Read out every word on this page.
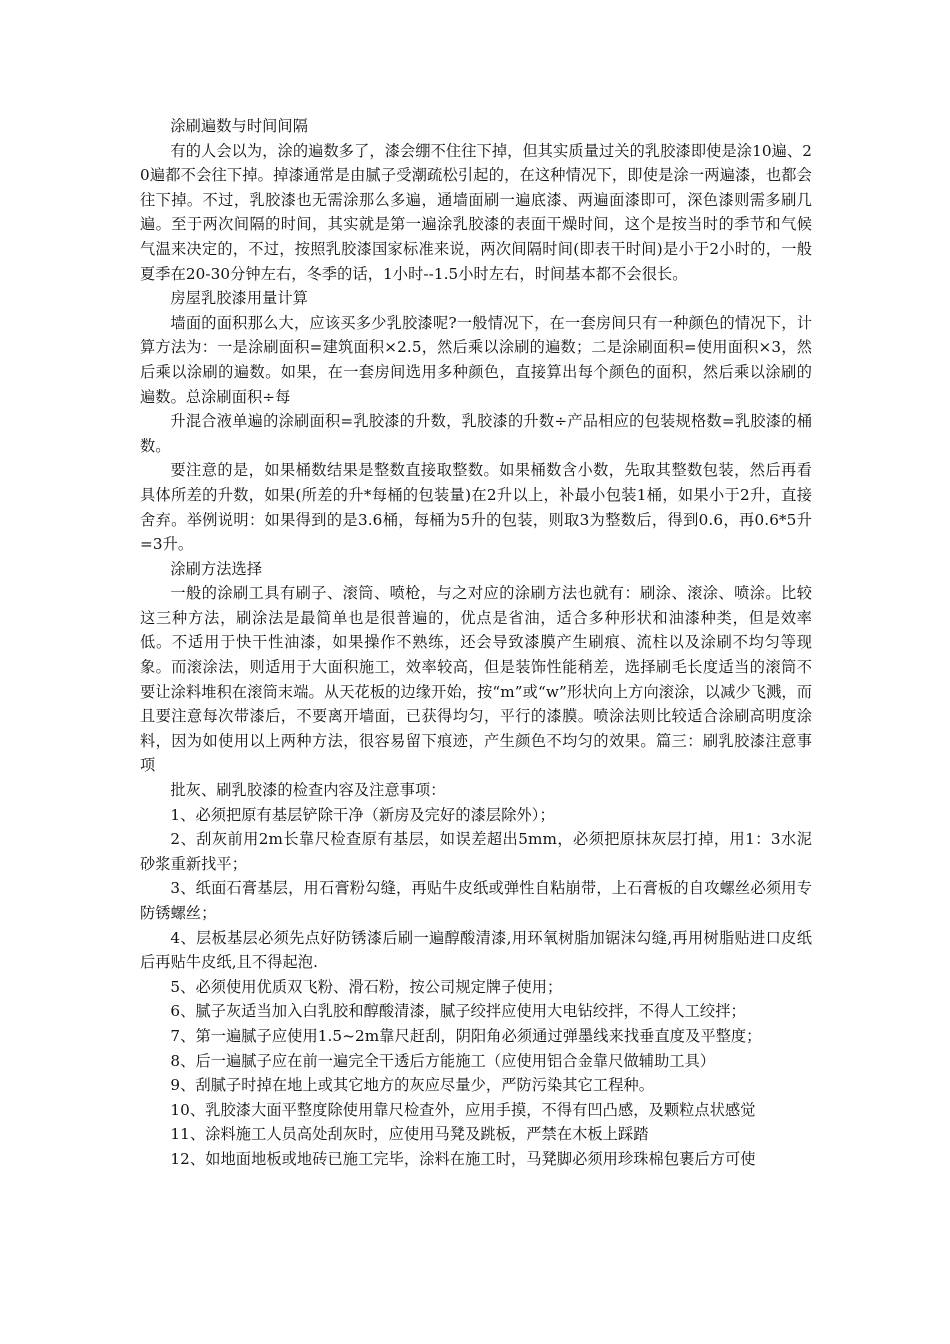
涂刷遍数与时间间隔

有的人会以为，涂的遍数多了，漆会绷不住往下掉，但其实质量过关的乳胶漆即使是涂10遍、20遍都不会往下掉。掉漆通常是由腻子受潮疏松引起的，在这种情况下，即使是涂一两遍漆，也都会往下掉。不过，乳胶漆也无需涂那么多遍，通墙面刷一遍底漆、两遍面漆即可，深色漆则需多刷几遍。至于两次间隔的时间，其实就是第一遍涂乳胶漆的表面干燥时间，这个是按当时的季节和气候气温来决定的，不过，按照乳胶漆国家标准来说，两次间隔时间(即表干时间)是小于2小时的，一般夏季在20-30分钟左右，冬季的话，1小时--1.5小时左右，时间基本都不会很长。

房屋乳胶漆用量计算

墙面的面积那么大，应该买多少乳胶漆呢?一般情况下，在一套房间只有一种颜色的情况下，计算方法为：一是涂刷面积=建筑面积×2.5，然后乘以涂刷的遍数；二是涂刷面积=使用面积×3，然后乘以涂刷的遍数。如果，在一套房间选用多种颜色，直接算出每个颜色的面积，然后乘以涂刷的遍数。总涂刷面积÷每

升混合液单遍的涂刷面积=乳胶漆的升数，乳胶漆的升数÷产品相应的包装规格数=乳胶漆的桶数。

要注意的是，如果桶数结果是整数直接取整数。如果桶数含小数，先取其整数包装，然后再看具体所差的升数，如果(所差的升*每桶的包装量)在2升以上，补最小包装1桶，如果小于2升，直接舍弃。举例说明：如果得到的是3.6桶，每桶为5升的包装，则取3为整数后，得到0.6，再0.6*5升=3升。

涂刷方法选择

一般的涂刷工具有刷子、滚筒、喷枪，与之对应的涂刷方法也就有：刷涂、滚涂、喷涂。比较这三种方法，刷涂法是最简单也是很普遍的，优点是省油，适合多种形状和油漆种类，但是效率低。不适用于快干性油漆，如果操作不熟练，还会导致漆膜产生刷痕、流柱以及涂刷不均匀等现象。而滚涂法，则适用于大面积施工，效率较高，但是装饰性能稍差，选择刷毛长度适当的滚筒不要让涂料堆积在滚筒末端。从天花板的边缘开始，按“m”或“w”形状向上方向滚涂，以减少飞溅，而且要注意每次带漆后，不要离开墙面，已获得均匀，平行的漆膜。喷涂法则比较适合涂刷高明度涂料，因为如使用以上两种方法，很容易留下痕迹，产生颜色不均匀的效果。篇三：刷乳胶漆注意事项

批灰、刷乳胶漆的检查内容及注意事项：

1、必须把原有基层铲除干净（新房及完好的漆层除外）；

2、刮灰前用2m长靠尺检查原有基层，如误差超出5mm，必须把原抹灰层打掉，用1：3水泥砂浆重新找平；

3、纸面石膏基层，用石膏粉勾缝，再贴牛皮纸或弹性自粘崩带，上石膏板的自攻螺丝必须用专防锈螺丝；

4、层板基层必须先点好防锈漆后刷一遍醇酸清漆,用环氧树脂加锯沫勾缝,再用树脂贴进口皮纸后再贴牛皮纸,且不得起泡.

5、必须使用优质双飞粉、滑石粉，按公司规定牌子使用；

6、腻子灰适当加入白乳胶和醇酸清漆，腻子绞拌应使用大电钻绞拌，不得人工绞拌；

7、第一遍腻子应使用1.5~2m靠尺赶刮，阴阳角必须通过弹墨线来找垂直度及平整度；

8、后一遍腻子应在前一遍完全干透后方能施工（应使用铝合金靠尺做辅助工具）

9、刮腻子时掉在地上或其它地方的灰应尽量少，严防污染其它工程种。

10、乳胶漆大面平整度除使用靠尺检查外，应用手摸，不得有凹凸感，及颗粒点状感觉

11、涂料施工人员高处刮灰时，应使用马凳及跳板，严禁在木板上踩踏

12、如地面地板或地砖已施工完毕，涂料在施工时，马凳脚必须用珍珠棉包裹后方可使
